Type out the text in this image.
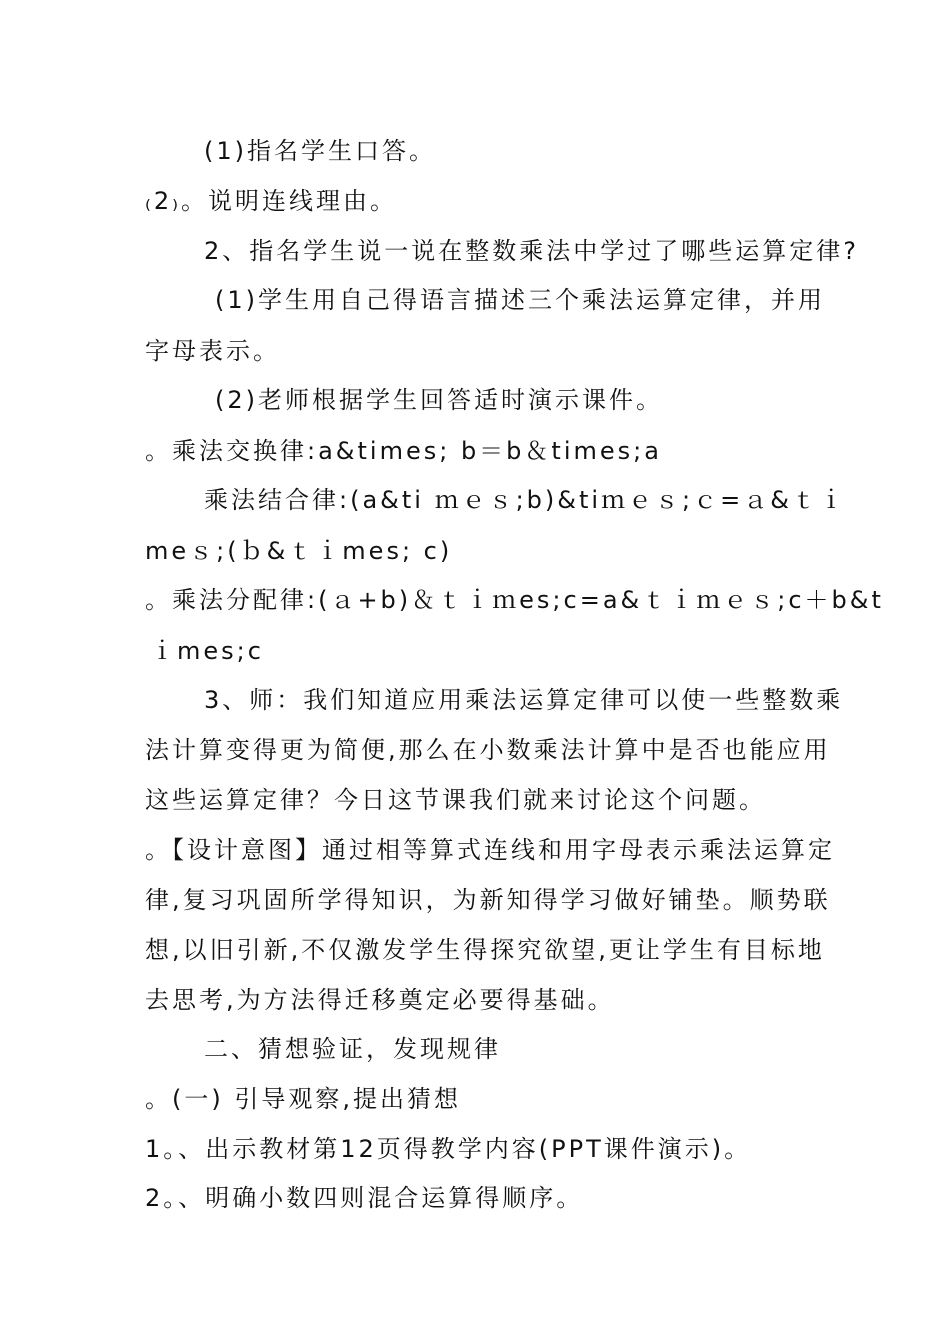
(1)指名学生口答。
₍2₎。说明连线理由。
2、指名学生说一说在整数乘法中学过了哪些运算定律?
(1)学生用自己得语言描述三个乘法运算定律，并用
字母表示。
(2)老师根据学生回答适时演示课件。
。乘法交换律:a&times; b＝b＆times;a
乘法结合律:(a&ti ｍｅｓ;b)&tiｍｅｓ;ｃ=ａ&ｔｉ
meｓ;(ｂ&ｔｉmes; c)
。乘法分配律:(ａ+b)＆ｔｉｍes;c=a&ｔｉｍｅｓ;c＋b&t
ｉmes;c
3、师：我们知道应用乘法运算定律可以使一些整数乘
法计算变得更为简便,那么在小数乘法计算中是否也能应用
这些运算定律？今日这节课我们就来讨论这个问题。
。【设计意图】通过相等算式连线和用字母表示乘法运算定
律,复习巩固所学得知识，为新知得学习做好铺垫。顺势联
想,以旧引新,不仅激发学生得探究欲望,更让学生有目标地
去思考,为方法得迁移奠定必要得基础。
二、猜想验证，发现规律
。(一) 引导观察,提出猜想
1。、出示教材第12页得教学内容(PPT课件演示)。
2。、明确小数四则混合运算得顺序。
